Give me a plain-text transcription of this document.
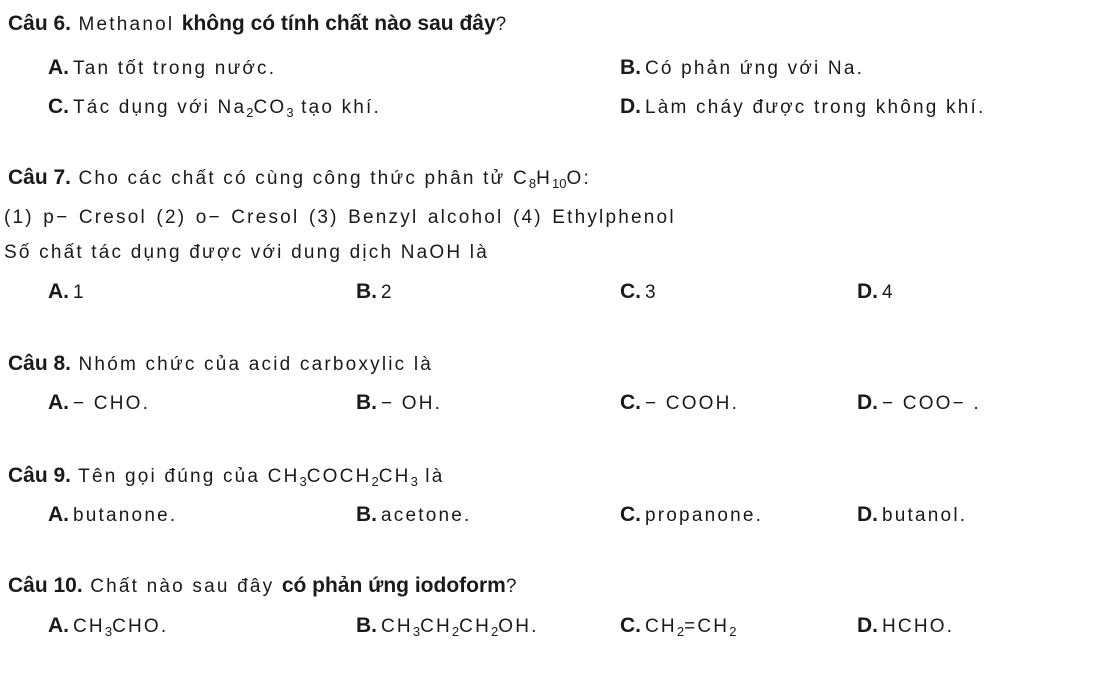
Câu 6. Methanol không có tính chất nào sau đây?
A. Tan tốt trong nước.	B. Có phản ứng với Na.
C. Tác dụng với $Na_2CO_3$ tạo khí.	D. Làm cháy được trong không khí.
Câu 7. Cho các chất có cùng công thức phân tử $C_8H_{10}O$:
(1) p− Cresol (2) o− Cresol (3) Benzyl alcohol (4) Ethylphenol
Số chất tác dụng được với dung dịch NaOH là
A. 1	B. 2	C. 3	D. 4
Câu 8. Nhóm chức của acid carboxylic là
A. − CHO.	B. − OH.	C. − COOH.	D. − COO− .
Câu 9. Tên gọi đúng của $CH_3COCH_2CH_3$ là
A. butanone.	B. acetone.	C. propanone.	D. butanol.
Câu 10. Chất nào sau đây có phản ứng iodoform?
A. $CH_3CHO$.	B. $CH_3CH_2CH_2OH$.	C. $CH_2=CH_2$	D. HCHO.
